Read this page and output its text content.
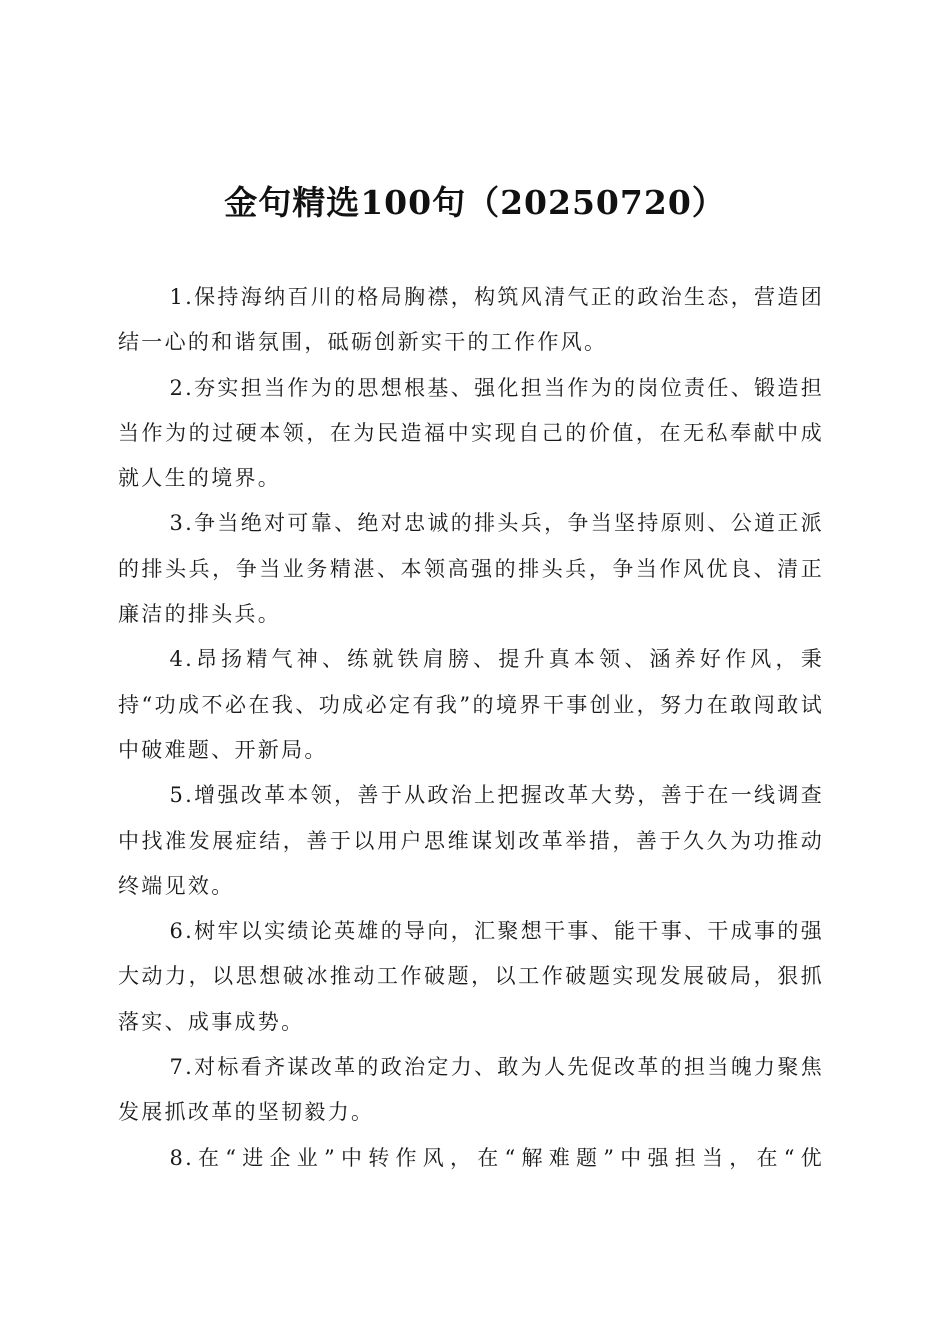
金句精选100句（20250720）

1.保持海纳百川的格局胸襟，构筑风清气正的政治生态，营造团结一心的和谐氛围，砥砺创新实干的工作作风。

2.夯实担当作为的思想根基、强化担当作为的岗位责任、锻造担当作为的过硬本领，在为民造福中实现自己的价值，在无私奉献中成就人生的境界。

3.争当绝对可靠、绝对忠诚的排头兵，争当坚持原则、公道正派的排头兵，争当业务精湛、本领高强的排头兵，争当作风优良、清正廉洁的排头兵。

4.昂扬精气神、练就铁肩膀、提升真本领、涵养好作风，秉持“功成不必在我、功成必定有我”的境界干事创业，努力在敢闯敢试中破难题、开新局。

5.增强改革本领，善于从政治上把握改革大势，善于在一线调查中找准发展症结，善于以用户思维谋划改革举措，善于久久为功推动终端见效。

6.树牢以实绩论英雄的导向，汇聚想干事、能干事、干成事的强大动力，以思想破冰推动工作破题，以工作破题实现发展破局，狠抓落实、成事成势。

7.对标看齐谋改革的政治定力、敢为人先促改革的担当魄力聚焦发展抓改革的坚韧毅力。

8.在“进企业”中转作风，在“解难题”中强担当，在“优
